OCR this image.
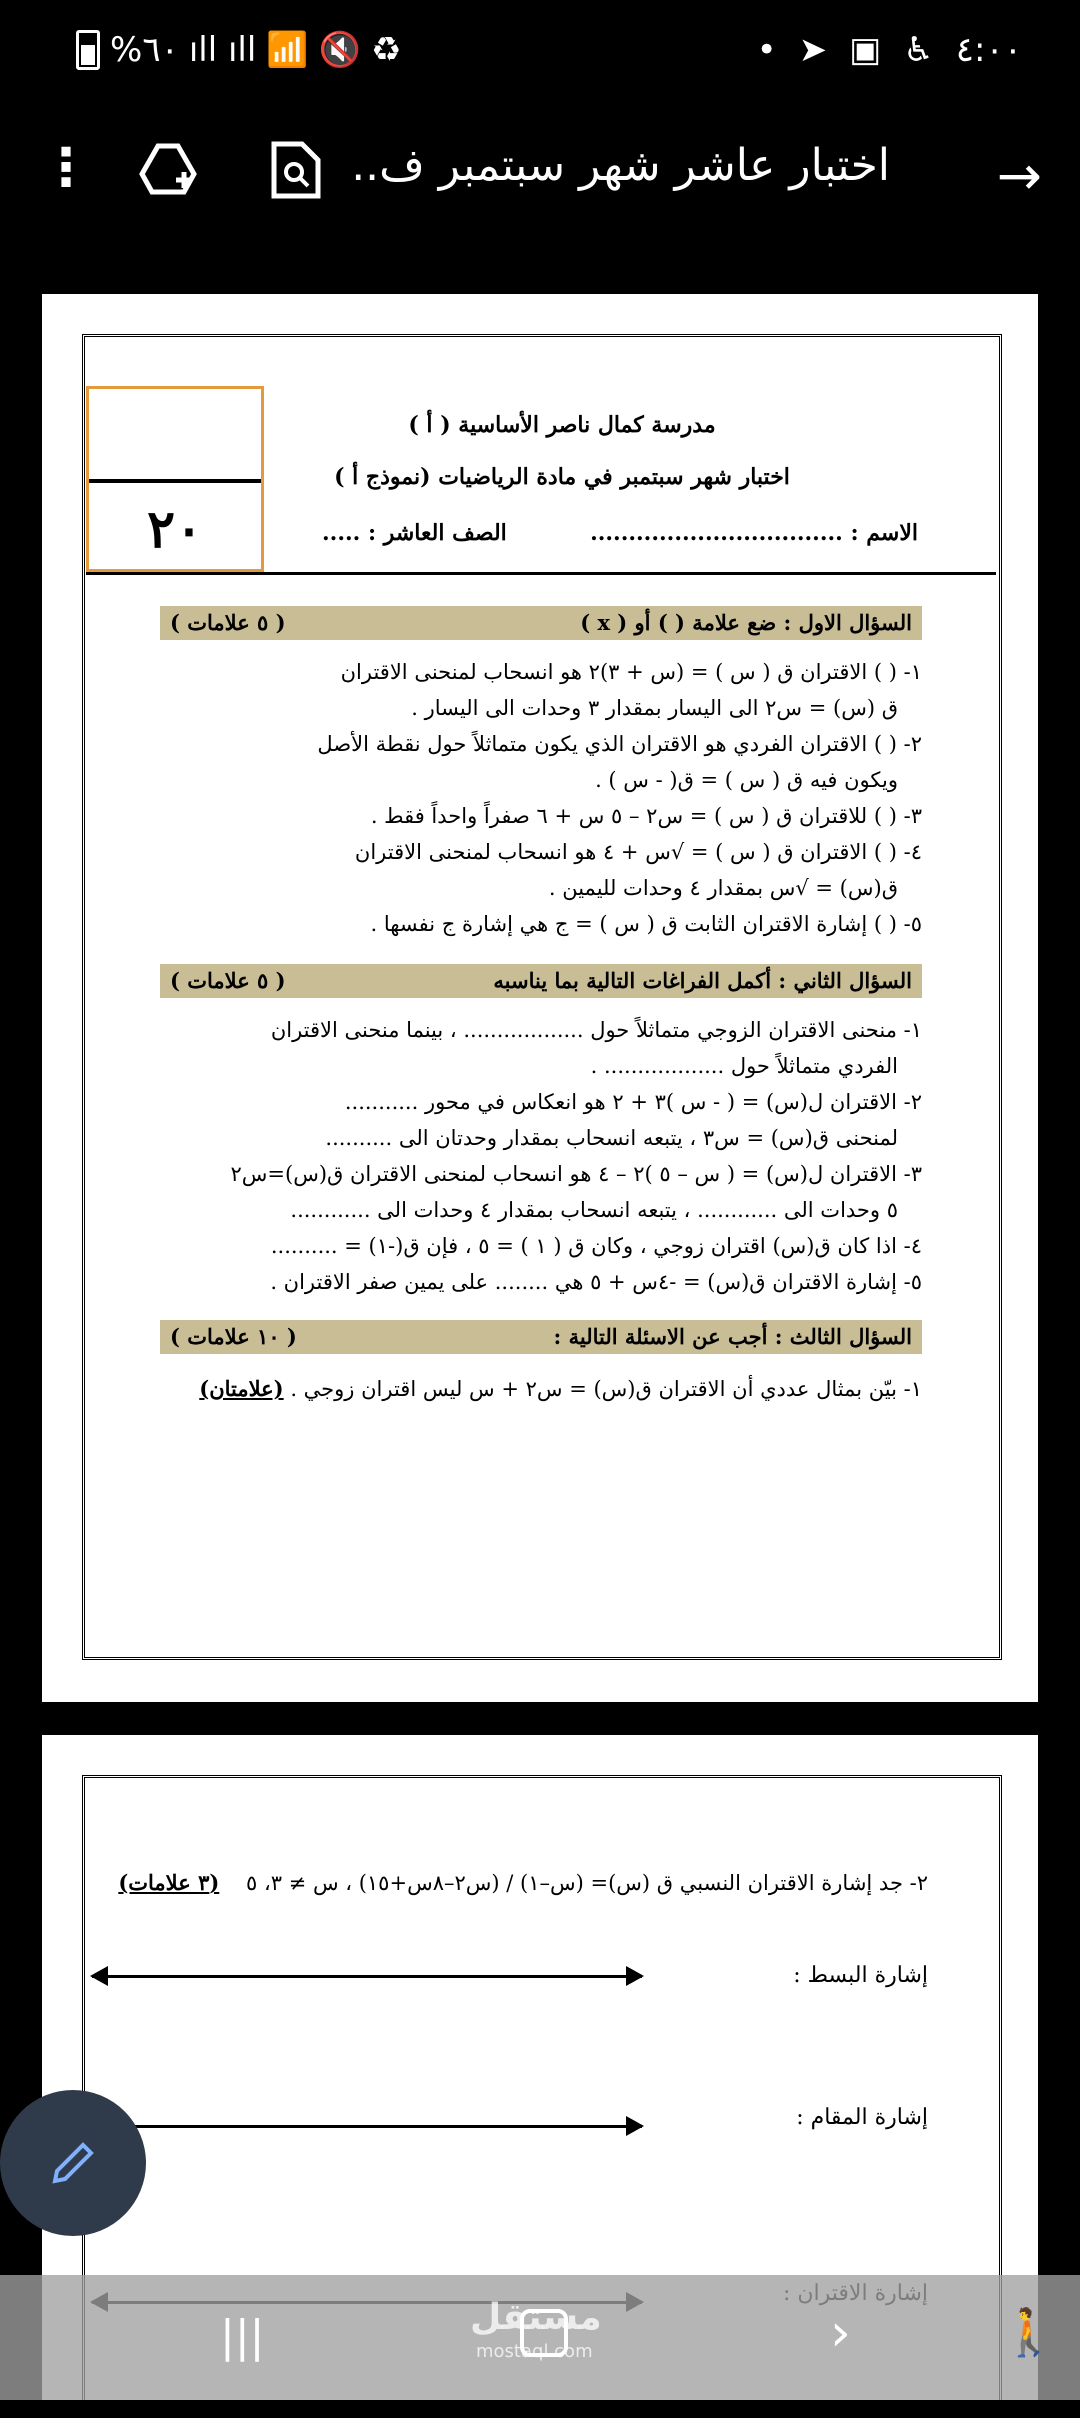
%٦٠ ıll ıll 📶 🔇 ♻	• ➤ ▣ ♿ ٤:٠٠
⋮	اختبار عاشر شهر سبتمبر ف.. →
٢٠
مدرسة كمال ناصر الأساسية ( أ )
اختبار شهر سبتمبر في مادة الرياضيات (نموذج أ )
الاسم : .................................
الصف العاشر : .....
السؤال الاول : ضع علامة ( ) أو ( x )
( ٥ علامات )
١- ( ) الاقتران ق ( س ) = (س + ٣)٢ هو انسحاب لمنحنى الاقتران
ق (س) = س٢ الى اليسار بمقدار ٣ وحدات الى اليسار .
٢- ( ) الاقتران الفردي هو الاقتران الذي يكون متماثلاً حول نقطة الأصل
ويكون فيه ق ( س ) = ق( - س ) .
٣- ( ) للاقتران ق ( س ) = س٢ – ٥ س + ٦ صفراً واحداً فقط .
٤- ( ) الاقتران ق ( س ) = √س + ٤ هو انسحاب لمنحنى الاقتران
ق(س) = √س بمقدار ٤ وحدات لليمين .
٥- ( ) إشارة الاقتران الثابت ق ( س ) = ج هي إشارة ج نفسها .
السؤال الثاني : أكمل الفراغات التالية بما يناسبه
( ٥ علامات )
١- منحنى الاقتران الزوجي متماثلاً حول .................. ، بينما منحنى الاقتران
الفردي متماثلاً حول .................. .
٢- الاقتران ل(س) = ( - س )٣ + ٢ هو انعكاس في محور ...........
لمنحنى ق(س) = س٣ ، يتبعه انسحاب بمقدار وحدتان الى ..........
٣- الاقتران ل(س) = ( س – ٥ )٢ – ٤ هو انسحاب لمنحنى الاقتران ق(س)=س٢
٥ وحدات الى ............ ، يتبعه انسحاب بمقدار ٤ وحدات الى ............
٤- اذا كان ق(س) اقتران زوجي ، وكان ق ( ١ ) = ٥ ، فإن ق(-١) = ..........
٥- إشارة الاقتران ق(س) = -٤س + ٥ هي ........ على يمين صفر الاقتران .
السؤال الثالث : أجب عن الاسئلة التالية :
( ١٠ علامات )
١- بيّن بمثال عددي أن الاقتران ق(س) = س٢ + س ليس اقتران زوجي . (علامتان)
٢- جد إشارة الاقتران النسبي ق (س)= (س–١) / (س٢–٨س+١٥) ، س ≠ ٣، ٥    (٣ علامات)
إشارة البسط :
إشارة المقام :
|||	مستقل
mostaql.com	›	🚶
